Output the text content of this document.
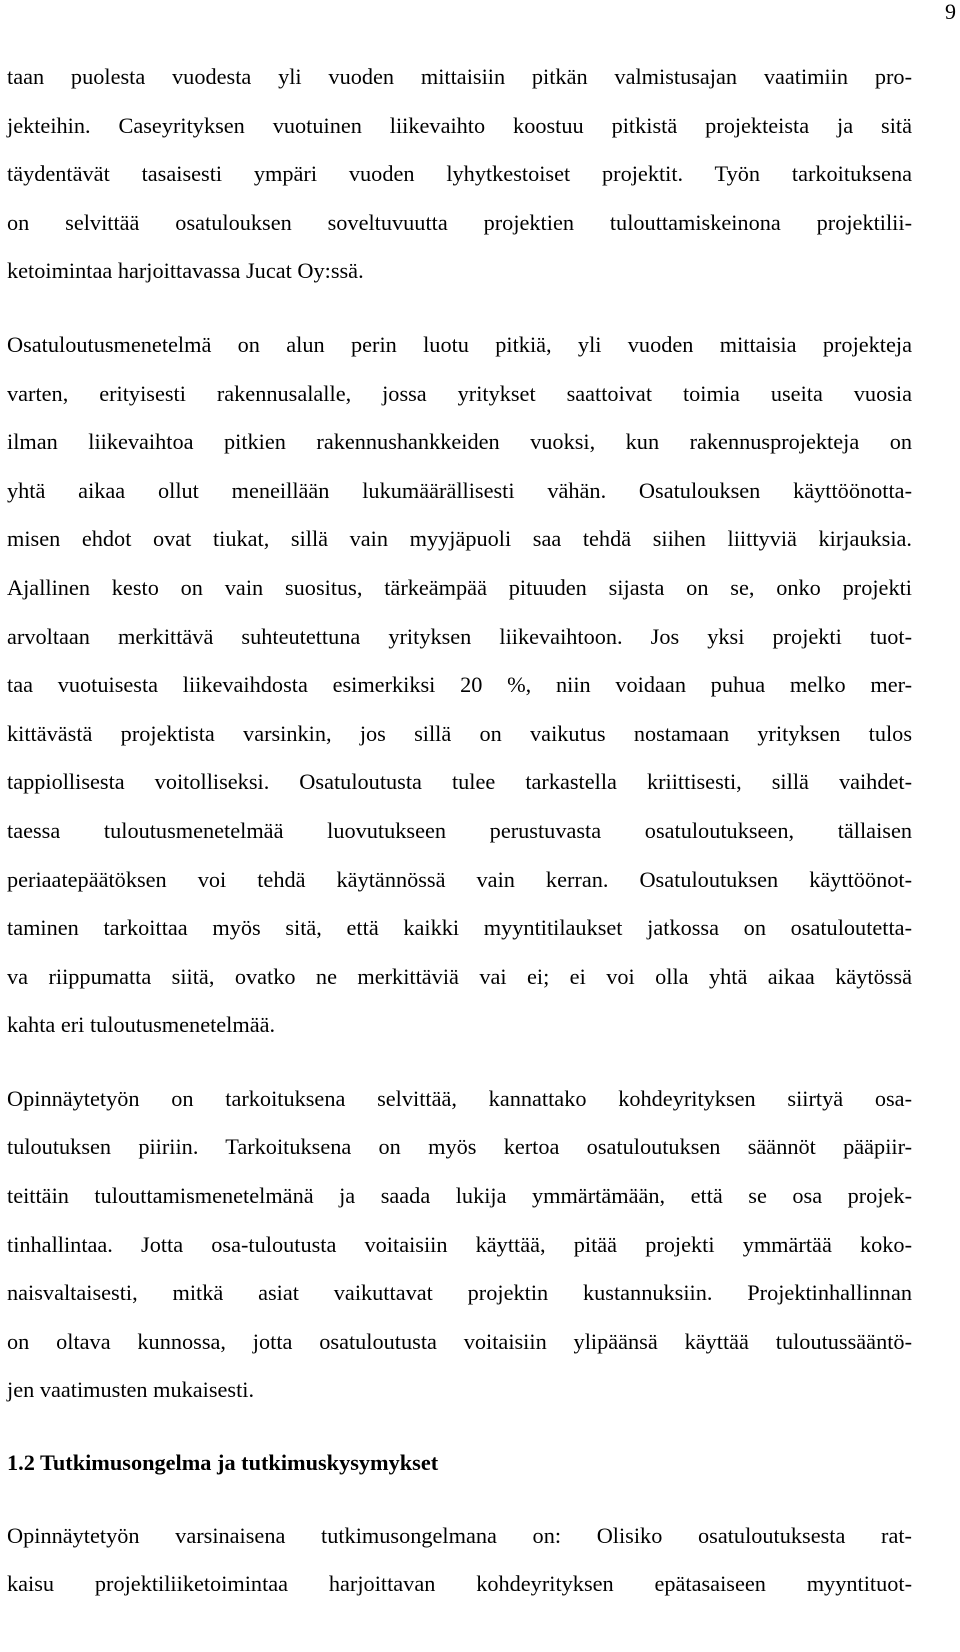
9
taan puolesta vuodesta yli vuoden mittaisiin pitkän valmistusajan vaatimiin pro-
jekteihin. Caseyrityksen vuotuinen liikevaihto koostuu pitkistä projekteista ja sitä
täydentävät tasaisesti ympäri vuoden lyhytkestoiset projektit. Työn tarkoituksena
on selvittää osatulouksen soveltuvuutta projektien tulouttamiskeinona projektilii-
ketoimintaa harjoittavassa Jucat Oy:ssä.
Osatuloutusmenetelmä on alun perin luotu pitkiä, yli vuoden mittaisia projekteja
varten, erityisesti rakennusalalle, jossa yritykset saattoivat toimia useita vuosia
ilman liikevaihtoa pitkien rakennushankkeiden vuoksi, kun rakennusprojekteja on
yhtä aikaa ollut meneillään lukumäärällisesti vähän. Osatulouksen käyttöönotta-
misen ehdot ovat tiukat, sillä vain myyjäpuoli saa tehdä siihen liittyviä kirjauksia.
Ajallinen kesto on vain suositus, tärkeämpää pituuden sijasta on se, onko projekti
arvoltaan merkittävä suhteutettuna yrityksen liikevaihtoon. Jos yksi projekti tuot-
taa vuotuisesta liikevaihdosta esimerkiksi 20 %, niin voidaan puhua melko mer-
kittävästä projektista varsinkin, jos sillä on vaikutus nostamaan yrityksen tulos
tappiollisesta voitolliseksi. Osatuloutusta tulee tarkastella kriittisesti, sillä vaihdet-
taessa tuloutusmenetelmää luovutukseen perustuvasta osatuloutukseen, tällaisen
periaatepäätöksen voi tehdä käytännössä vain kerran. Osatuloutuksen käyttöönot-
taminen tarkoittaa myös sitä, että kaikki myyntitilaukset jatkossa on osatuloutetta-
va riippumatta siitä, ovatko ne merkittäviä vai ei; ei voi olla yhtä aikaa käytössä
kahta eri tuloutusmenetelmää.
Opinnäytetyön on tarkoituksena selvittää, kannattako kohdeyrityksen siirtyä osa-
tuloutuksen piiriin. Tarkoituksena on myös kertoa osatuloutuksen säännöt pääpiir-
teittäin tulouttamismenetelmänä ja saada lukija ymmärtämään, että se osa projek-
tinhallintaa. Jotta osa-tuloutusta voitaisiin käyttää, pitää projekti ymmärtää koko-
naisvaltaisesti, mitkä asiat vaikuttavat projektin kustannuksiin. Projektinhallinnan
on oltava kunnossa, jotta osatuloutusta voitaisiin ylipäänsä käyttää tuloutussääntö-
jen vaatimusten mukaisesti.
1.2 Tutkimusongelma ja tutkimuskysymykset
Opinnäytetyön varsinaisena tutkimusongelmana on: Olisiko osatuloutuksesta rat-
kaisu projektiliiketoimintaa harjoittavan kohdeyrityksen epätasaiseen myyntituot-
